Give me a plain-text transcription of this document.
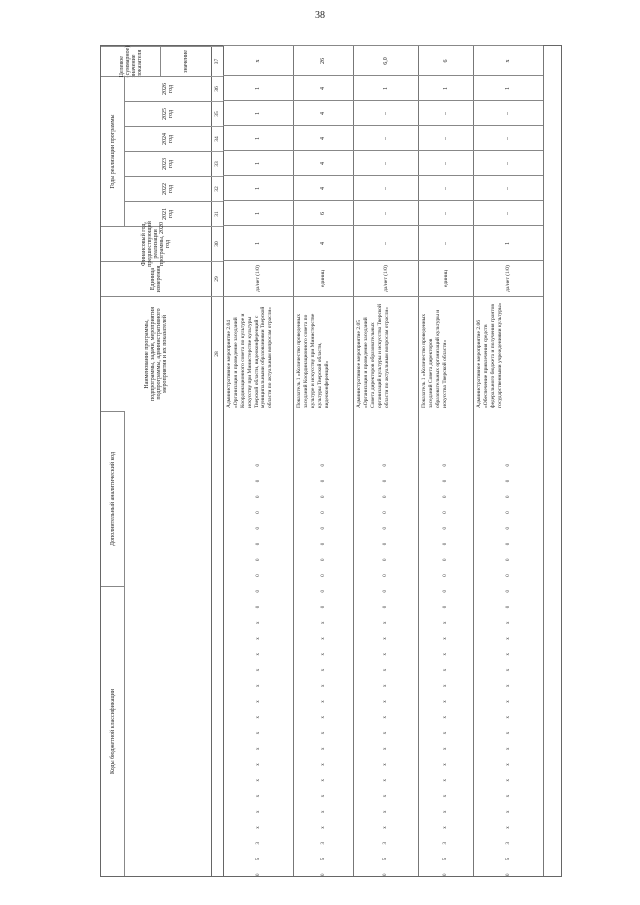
38
Коды бюджетной классификации
Дополнительный аналитический код
Наименование программы, подпрограммы, задачи, мероприятия подпрограммы, административного мероприятия и их показателей
Единица измерения
Финансовый год, предшествующий реализации программы, 2020 год
Годы реализации программы
Целевое (суммарное) значение показателя
2021 год
2022 год
2023 год
2024 год
2025 год
2026 год
значение
28
29
30
31
32
33
34
35
36
37
0 5 3 х х х х х х х х х х х х х х 0 0 0 0 0 0 0 0 0 0
Административное мероприятие 2.04 «Организация и проведение заседаний Координационного совета по культуре и искусству при Министерстве культуры Тверской области, видеоконференций с муниципальными образованиями Тверской области по актуальным вопросам отрасли»
да/нет (1/0)
1
1
1
1
1
1
1
х
0 5 3 х х х х х х х х х х х х х х 0 0 0 0 0 0 0 0 0 0
Показатель 1 «Количество проведенных заседаний Координационного совета по культуре и искусству при Министерстве культуры Тверской области, видеоконференций»
единиц
4
6
4
4
4
4
4
26
0 5 3 х х х х х х х х х х х х х х 0 0 0 0 0 0 0 0 0 0
Административное мероприятие 2.05 «Организация и проведение заседаний Совета директоров образовательных организаций культуры и искусства Тверской области по актуальным вопросам отрасли»
да/нет (1/0)
–
–
–
–
–
–
1
6,0
0 5 3 х х х х х х х х х х х х х х 0 0 0 0 0 0 0 0 0 0
Показатель 1 «Количество проведенных заседаний Совета директоров образовательных организаций культуры и искусства Тверской области»
единиц
–
–
–
–
–
–
1
6
0 5 3 х х х х х х х х х х х х х х 0 0 0 0 0 0 0 0 0 0
Административное мероприятие 2.06 «Обеспечение привлечения средств федерального бюджета и получения грантов государственными учреждениями культуры»
да/нет (1/0)
1
–
–
–
–
–
1
х
